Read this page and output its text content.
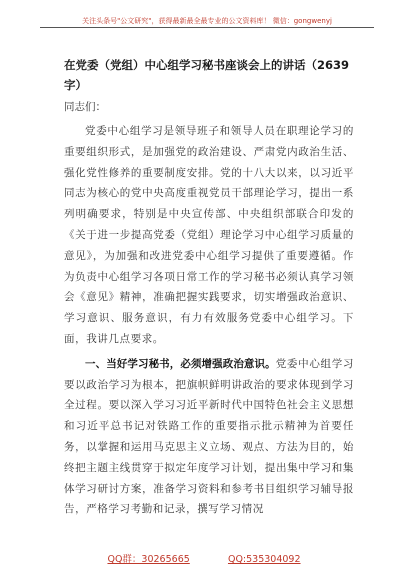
关注头条号"公文研究"，获得最新最全最专业的公文资料库！ 微信：gongwenyj
在党委（党组）中心组学习秘书座谈会上的讲话（2639字）
同志们：

党委中心组学习是领导班子和领导人员在职理论学习的重要组织形式，是加强党的政治建设、严肃党内政治生活、强化党性修养的重要制度安排。党的十八大以来，以习近平同志为核心的党中央高度重视党员干部理论学习，提出一系列明确要求，特别是中央宣传部、中央组织部联合印发的《关于进一步提高党委（党组）理论学习中心组学习质量的意见》，为加强和改进党委中心组学习提供了重要遵循。作为负责中心组学习各项日常工作的学习秘书必须认真学习领会《意见》精神，准确把握实践要求，切实增强政治意识、学习意识、服务意识，有力有效服务党委中心组学习。下面，我讲几点要求。

一、当好学习秘书，必须增强政治意识。党委中心组学习要以政治学习为根本，把旗帜鲜明讲政治的要求体现到学习全过程。要以深入学习习近平新时代中国特色社会主义思想和习近平总书记对铁路工作的重要指示批示精神为首要任务，以掌握和运用马克思主义立场、观点、方法为目的，始终把主题主线贯穿于拟定年度学习计划，提出集中学习和集体学习研讨方案，准备学习资料和参考书目组织学习辅导报告，严格学习考勤和记录，撰写学习情况

QQ群：30265665	QQ:535304092
